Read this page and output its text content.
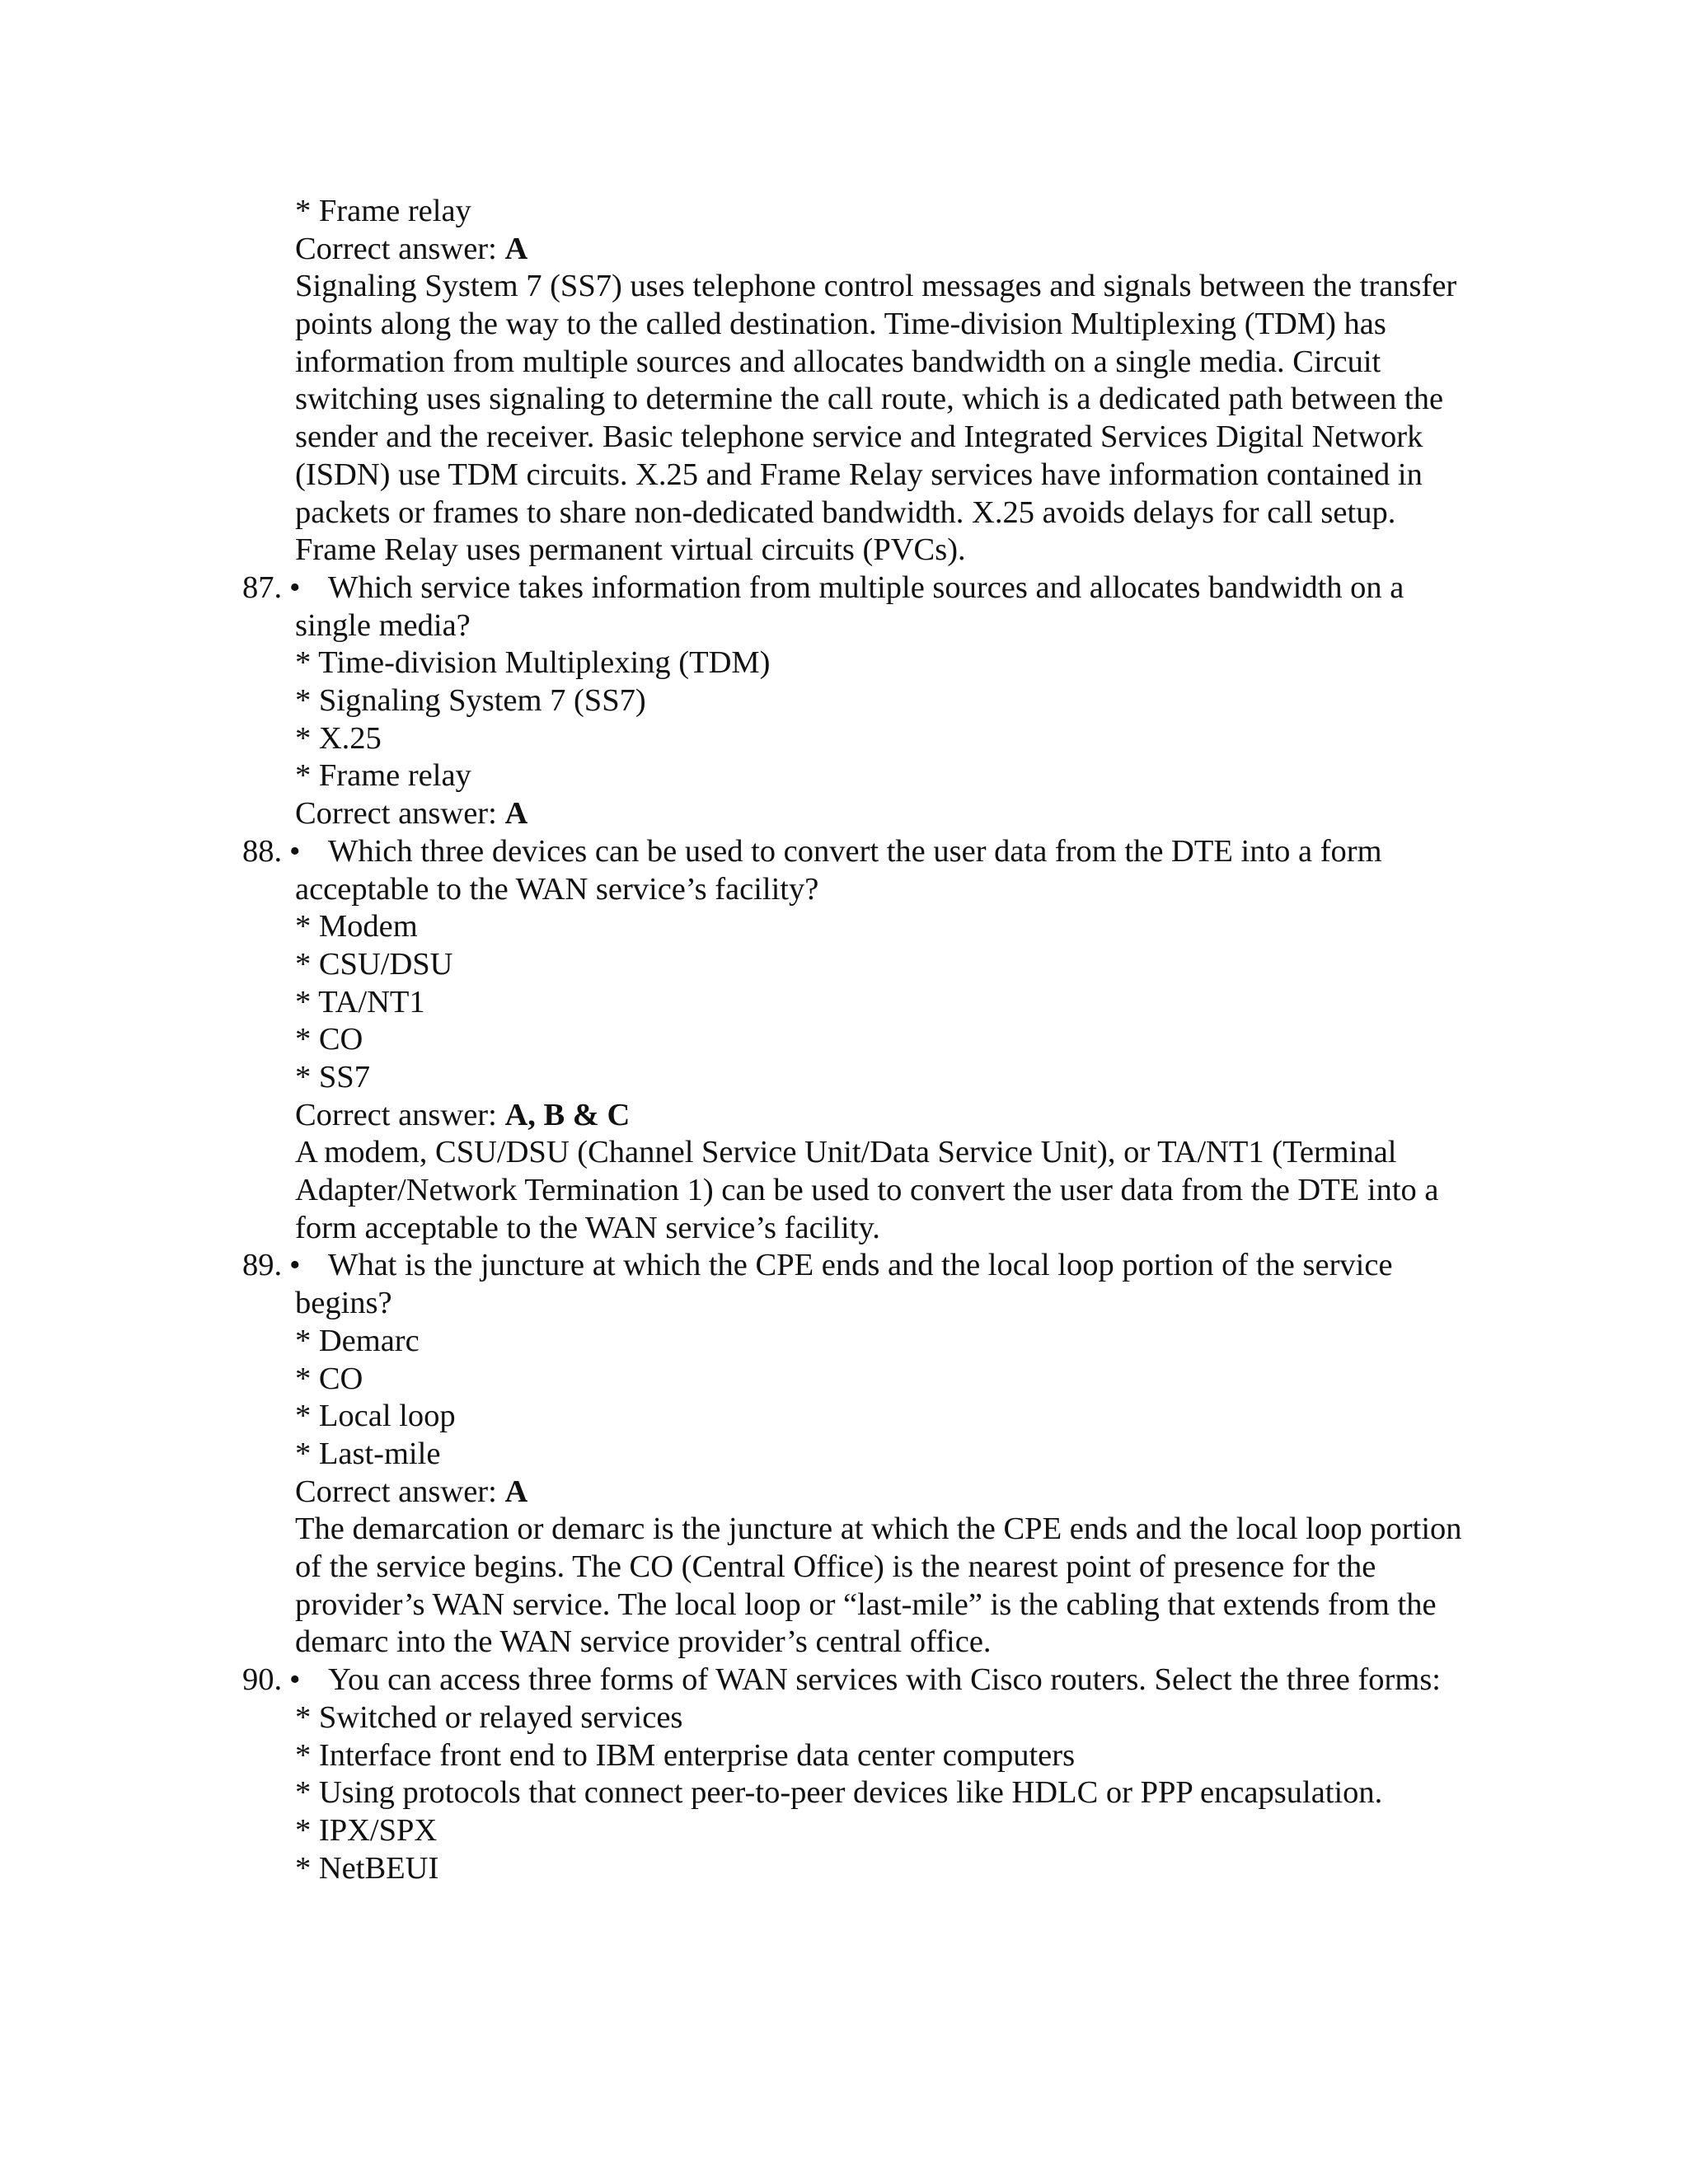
* Frame relay
Correct answer: A
Signaling System 7 (SS7) uses telephone control messages and signals between the transfer points along the way to the called destination. Time-division Multiplexing (TDM) has information from multiple sources and allocates bandwidth on a single media. Circuit switching uses signaling to determine the call route, which is a dedicated path between the sender and the receiver. Basic telephone service and Integrated Services Digital Network (ISDN) use TDM circuits. X.25 and Frame Relay services have information contained in packets or frames to share non-dedicated bandwidth. X.25 avoids delays for call setup. Frame Relay uses permanent virtual circuits (PVCs).
87. • Which service takes information from multiple sources and allocates bandwidth on a single media?
* Time-division Multiplexing (TDM)
* Signaling System 7 (SS7)
* X.25
* Frame relay
Correct answer: A
88. • Which three devices can be used to convert the user data from the DTE into a form acceptable to the WAN service’s facility?
* Modem
* CSU/DSU
* TA/NT1
* CO
* SS7
Correct answer: A, B & C
A modem, CSU/DSU (Channel Service Unit/Data Service Unit), or TA/NT1 (Terminal Adapter/Network Termination 1) can be used to convert the user data from the DTE into a form acceptable to the WAN service’s facility.
89. • What is the juncture at which the CPE ends and the local loop portion of the service begins?
* Demarc
* CO
* Local loop
* Last-mile
Correct answer: A
The demarcation or demarc is the juncture at which the CPE ends and the local loop portion of the service begins. The CO (Central Office) is the nearest point of presence for the provider’s WAN service. The local loop or “last-mile” is the cabling that extends from the demarc into the WAN service provider’s central office.
90. • You can access three forms of WAN services with Cisco routers. Select the three forms:
* Switched or relayed services
* Interface front end to IBM enterprise data center computers
* Using protocols that connect peer-to-peer devices like HDLC or PPP encapsulation.
* IPX/SPX
* NetBEUI
